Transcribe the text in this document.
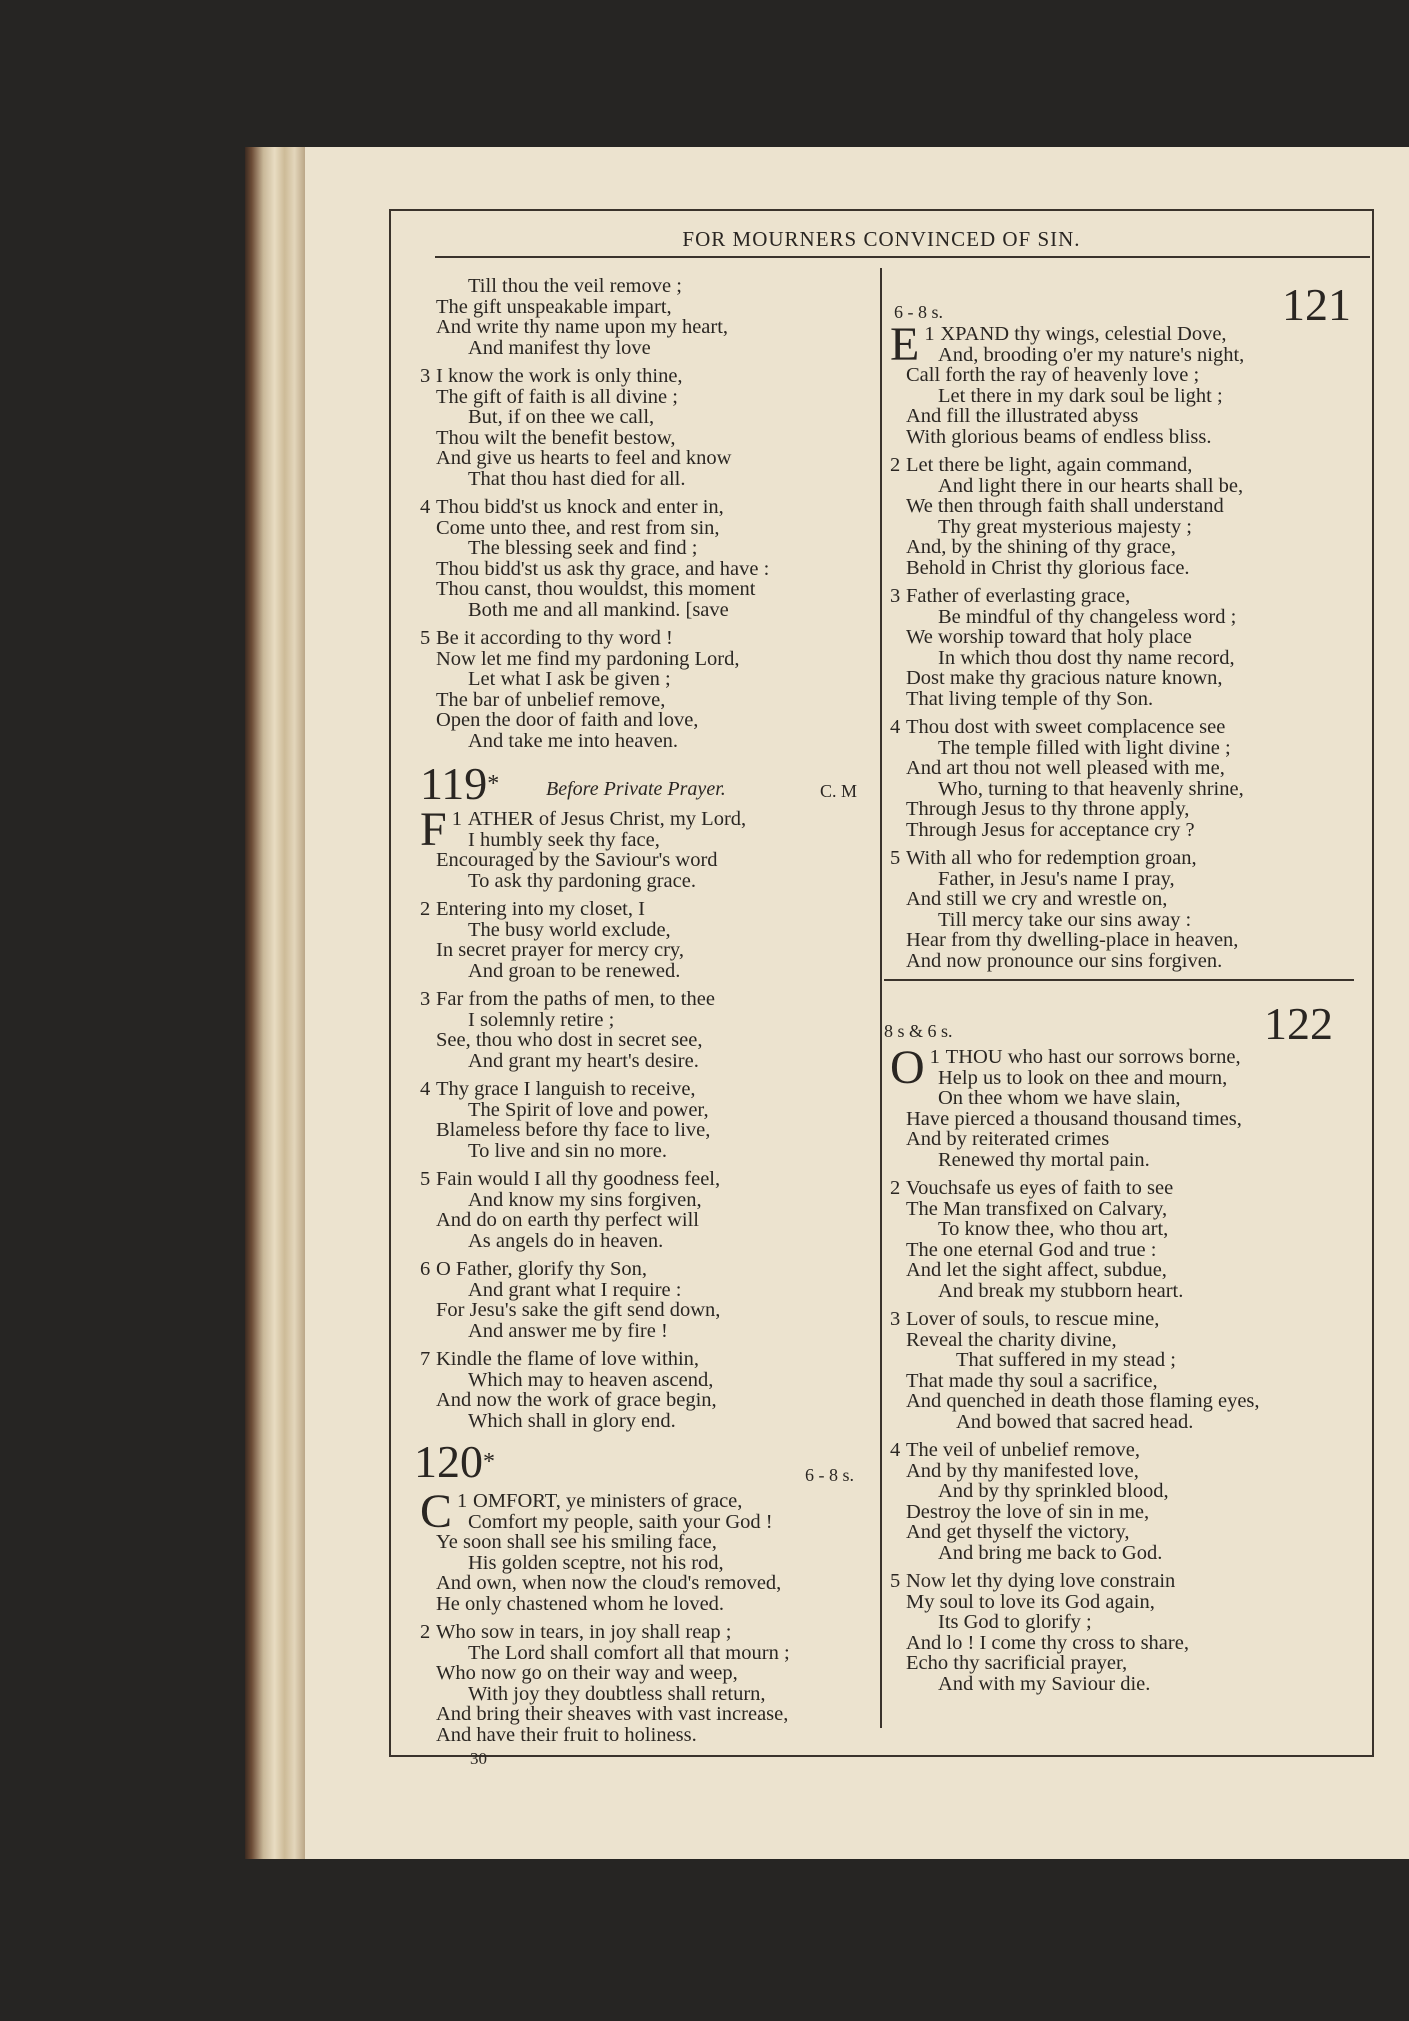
FOR MOURNERS CONVINCED OF SIN.
Till thou the veil remove ;
The gift unspeakable impart,
And write thy name upon my heart,
And manifest thy love
3 I know the work is only thine,
The gift of faith is all divine ;
But, if on thee we call,
Thou wilt the benefit bestow,
And give us hearts to feel and know
That thou hast died for all.
4 Thou bidd'st us knock and enter in,
Come unto thee, and rest from sin,
The blessing seek and find ;
Thou bidd'st us ask thy grace, and have :
Thou canst, thou wouldst, this moment
Both me and all mankind. [save
5 Be it according to thy word !
Now let me find my pardoning Lord,
Let what I ask be given ;
The bar of unbelief remove,
Open the door of faith and love,
And take me into heaven.
119* Before Private Prayer.	C. M
F 1 ATHER of Jesus Christ, my Lord,
I humbly seek thy face,
Encouraged by the Saviour's word
To ask thy pardoning grace.
2 Entering into my closet, I
The busy world exclude,
In secret prayer for mercy cry,
And groan to be renewed.
3 Far from the paths of men, to thee
I solemnly retire ;
See, thou who dost in secret see,
And grant my heart's desire.
4 Thy grace I languish to receive,
The Spirit of love and power,
Blameless before thy face to live,
To live and sin no more.
5 Fain would I all thy goodness feel,
And know my sins forgiven,
And do on earth thy perfect will
As angels do in heaven.
6 O Father, glorify thy Son,
And grant what I require :
For Jesu's sake the gift send down,
And answer me by fire !
7 Kindle the flame of love within,
Which may to heaven ascend,
And now the work of grace begin,
Which shall in glory end.
120*	6 - 8 s.
C 1 OMFORT, ye ministers of grace,
Comfort my people, saith your God !
Ye soon shall see his smiling face,
His golden sceptre, not his rod,
And own, when now the cloud's removed,
He only chastened whom he loved.
2 Who sow in tears, in joy shall reap ;
The Lord shall comfort all that mourn ;
Who now go on their way and weep,
With joy they doubtless shall return,
And bring their sheaves with vast increase,
And have their fruit to holiness.
30
6 - 8 s.	121
E 1 XPAND thy wings, celestial Dove,
And, brooding o'er my nature's night,
Call forth the ray of heavenly love ;
Let there in my dark soul be light ;
And fill the illustrated abyss
With glorious beams of endless bliss.
2 Let there be light, again command,
And light there in our hearts shall be,
We then through faith shall understand
Thy great mysterious majesty ;
And, by the shining of thy grace,
Behold in Christ thy glorious face.
3 Father of everlasting grace,
Be mindful of thy changeless word ;
We worship toward that holy place
In which thou dost thy name record,
Dost make thy gracious nature known,
That living temple of thy Son.
4 Thou dost with sweet complacence see
The temple filled with light divine ;
And art thou not well pleased with me,
Who, turning to that heavenly shrine,
Through Jesus to thy throne apply,
Through Jesus for acceptance cry ?
5 With all who for redemption groan,
Father, in Jesu's name I pray,
And still we cry and wrestle on,
Till mercy take our sins away :
Hear from thy dwelling-place in heaven,
And now pronounce our sins forgiven.
8 s & 6 s.	122
O 1 THOU who hast our sorrows borne,
Help us to look on thee and mourn,
On thee whom we have slain,
Have pierced a thousand thousand times,
And by reiterated crimes
Renewed thy mortal pain.
2 Vouchsafe us eyes of faith to see
The Man transfixed on Calvary,
To know thee, who thou art,
The one eternal God and true :
And let the sight affect, subdue,
And break my stubborn heart.
3 Lover of souls, to rescue mine,
Reveal the charity divine,
That suffered in my stead ;
That made thy soul a sacrifice,
And quenched in death those flaming eyes,
And bowed that sacred head.
4 The veil of unbelief remove,
And by thy manifested love,
And by thy sprinkled blood,
Destroy the love of sin in me,
And get thyself the victory,
And bring me back to God.
5 Now let thy dying love constrain
My soul to love its God again,
Its God to glorify ;
And lo ! I come thy cross to share,
Echo thy sacrificial prayer,
And with my Saviour die.
